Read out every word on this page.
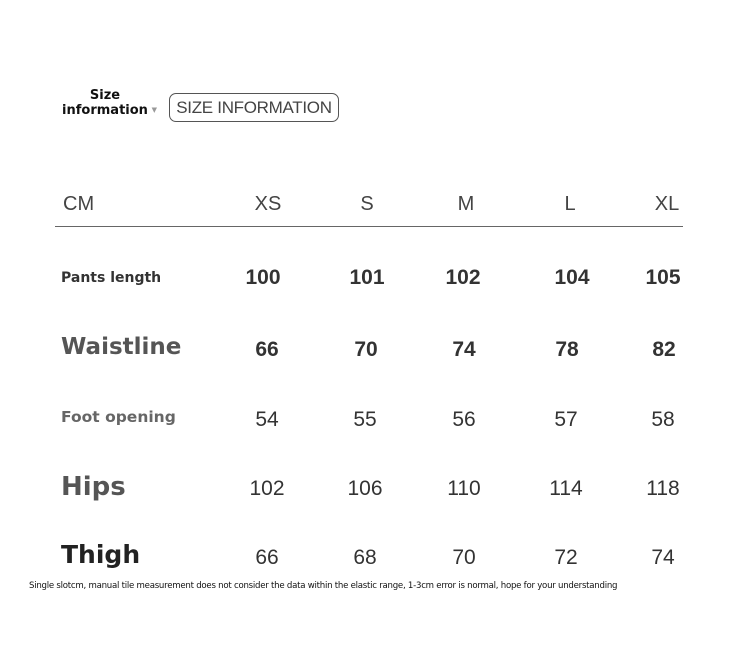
Size
information ▼	SIZE INFORMATION
CM	XS	S	M	L	XL
Pants length	100	101	102	104	105
Waistline	66	70	74	78	82
Foot opening	54	55	56	57	58
Hips	102	106	110	114	118
Thigh	66	68	70	72	74
Single slotcm, manual tile measurement does not consider the data within the elastic range, 1-3cm error is normal, hope for your understanding
